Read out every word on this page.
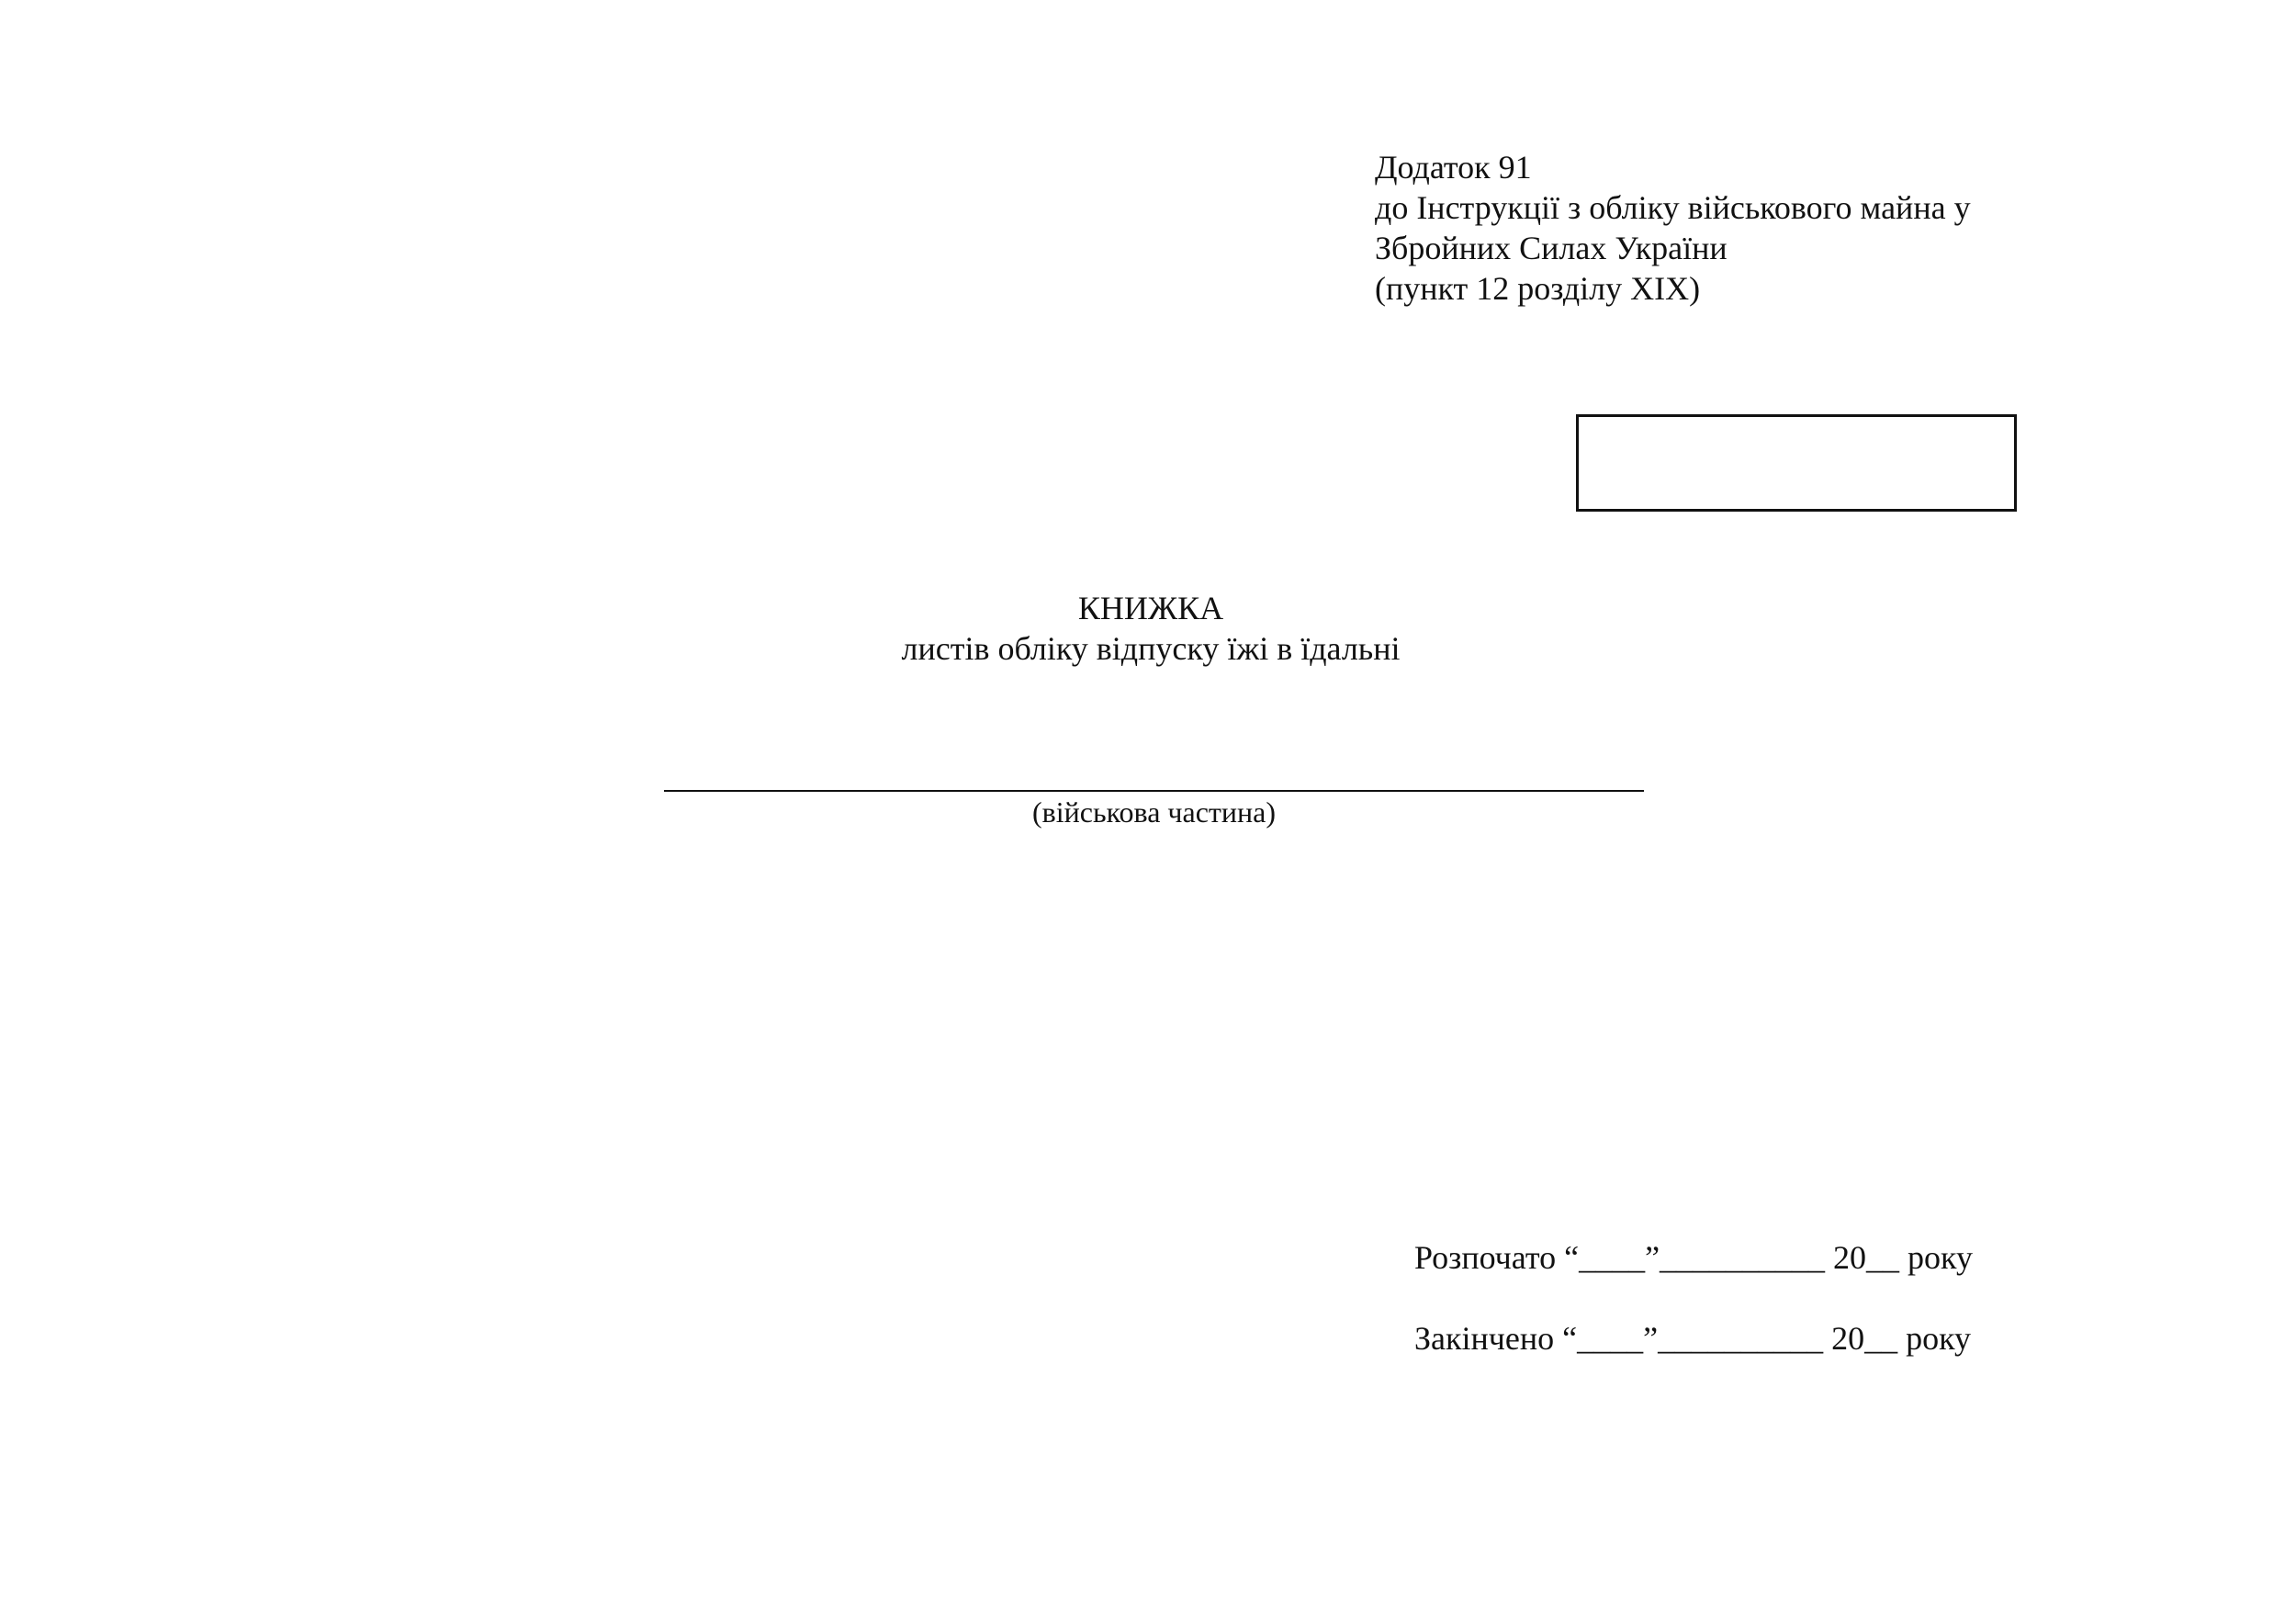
Додаток 91
до Інструкції з обліку військового майна у
Збройних Силах України
(пункт 12 розділу XIX)
КНИЖКА
листів обліку відпуску їжі в їдальні
(військова частина)
Розпочато “____”__________ 20__ року
Закінчено “____”__________ 20__ року
